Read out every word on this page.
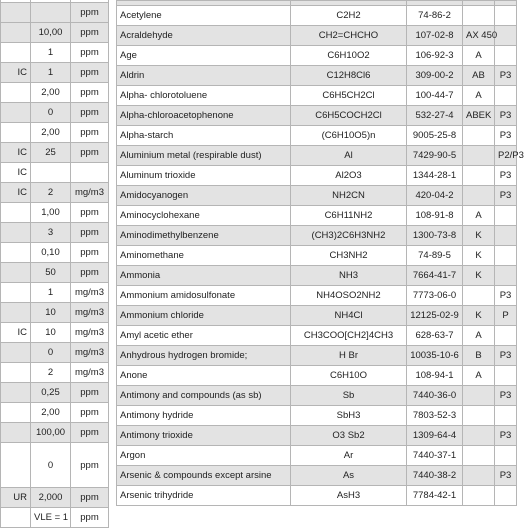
		ppm
	10,00	ppm
	1	ppm
IC	1	ppm
	2,00	ppm
	0	ppm
	2,00	ppm
IC	25	ppm
IC		
IC	2	mg/m3
	1,00	ppm
	3	ppm
	0,10	ppm
	50	ppm
	1	mg/m3
	10	mg/m3
IC	10	mg/m3
	0	mg/m3
	2	mg/m3
	0,25	ppm
	2,00	ppm
	100,00	ppm
	0	ppm
UR	2,000	ppm
	VLE = 1	ppm

Acetylene	C2H2	74-86-2		
Acraldehyde	CH2=CHCHO	107-02-8	AX 450	
Age	C6H10O2	106-92-3	A	
Aldrin	C12H8Cl6	309-00-2	AB	P3
Alpha- chlorotoluene	C6H5CH2Cl	100-44-7	A	
Alpha-chloroacetophenone	C6H5COCH2Cl	532-27-4	ABEK	P3
Alpha-starch	(C6H10O5)n	9005-25-8		P3
Aluminium metal (respirable dust)	Al	7429-90-5		P2/P3
Aluminum trioxide	Al2O3	1344-28-1		P3
Amidocyanogen	NH2CN	420-04-2		P3
Aminocyclohexane	C6H11NH2	108-91-8	A	
Aminodimethylbenzene	(CH3)2C6H3NH2	1300-73-8	K	
Aminomethane	CH3NH2	74-89-5	K	
Ammonia	NH3	7664-41-7	K	
Ammonium amidosulfonate	NH4OSO2NH2	7773-06-0		P3
Ammonium chloride	NH4Cl	12125-02-9	K	P
Amyl acetic ether	CH3COO[CH2]4CH3	628-63-7	A	
Anhydrous hydrogen bromide;	H Br	10035-10-6	B	P3
Anone	C6H10O	108-94-1	A	
Antimony and compounds (as sb)	Sb	7440-36-0		P3
Antimony hydride	SbH3	7803-52-3		
Antimony trioxide	O3 Sb2	1309-64-4		P3
Argon	Ar	7440-37-1		
Arsenic & compounds except arsine	As	7440-38-2		P3
Arsenic trihydride	AsH3	7784-42-1		
